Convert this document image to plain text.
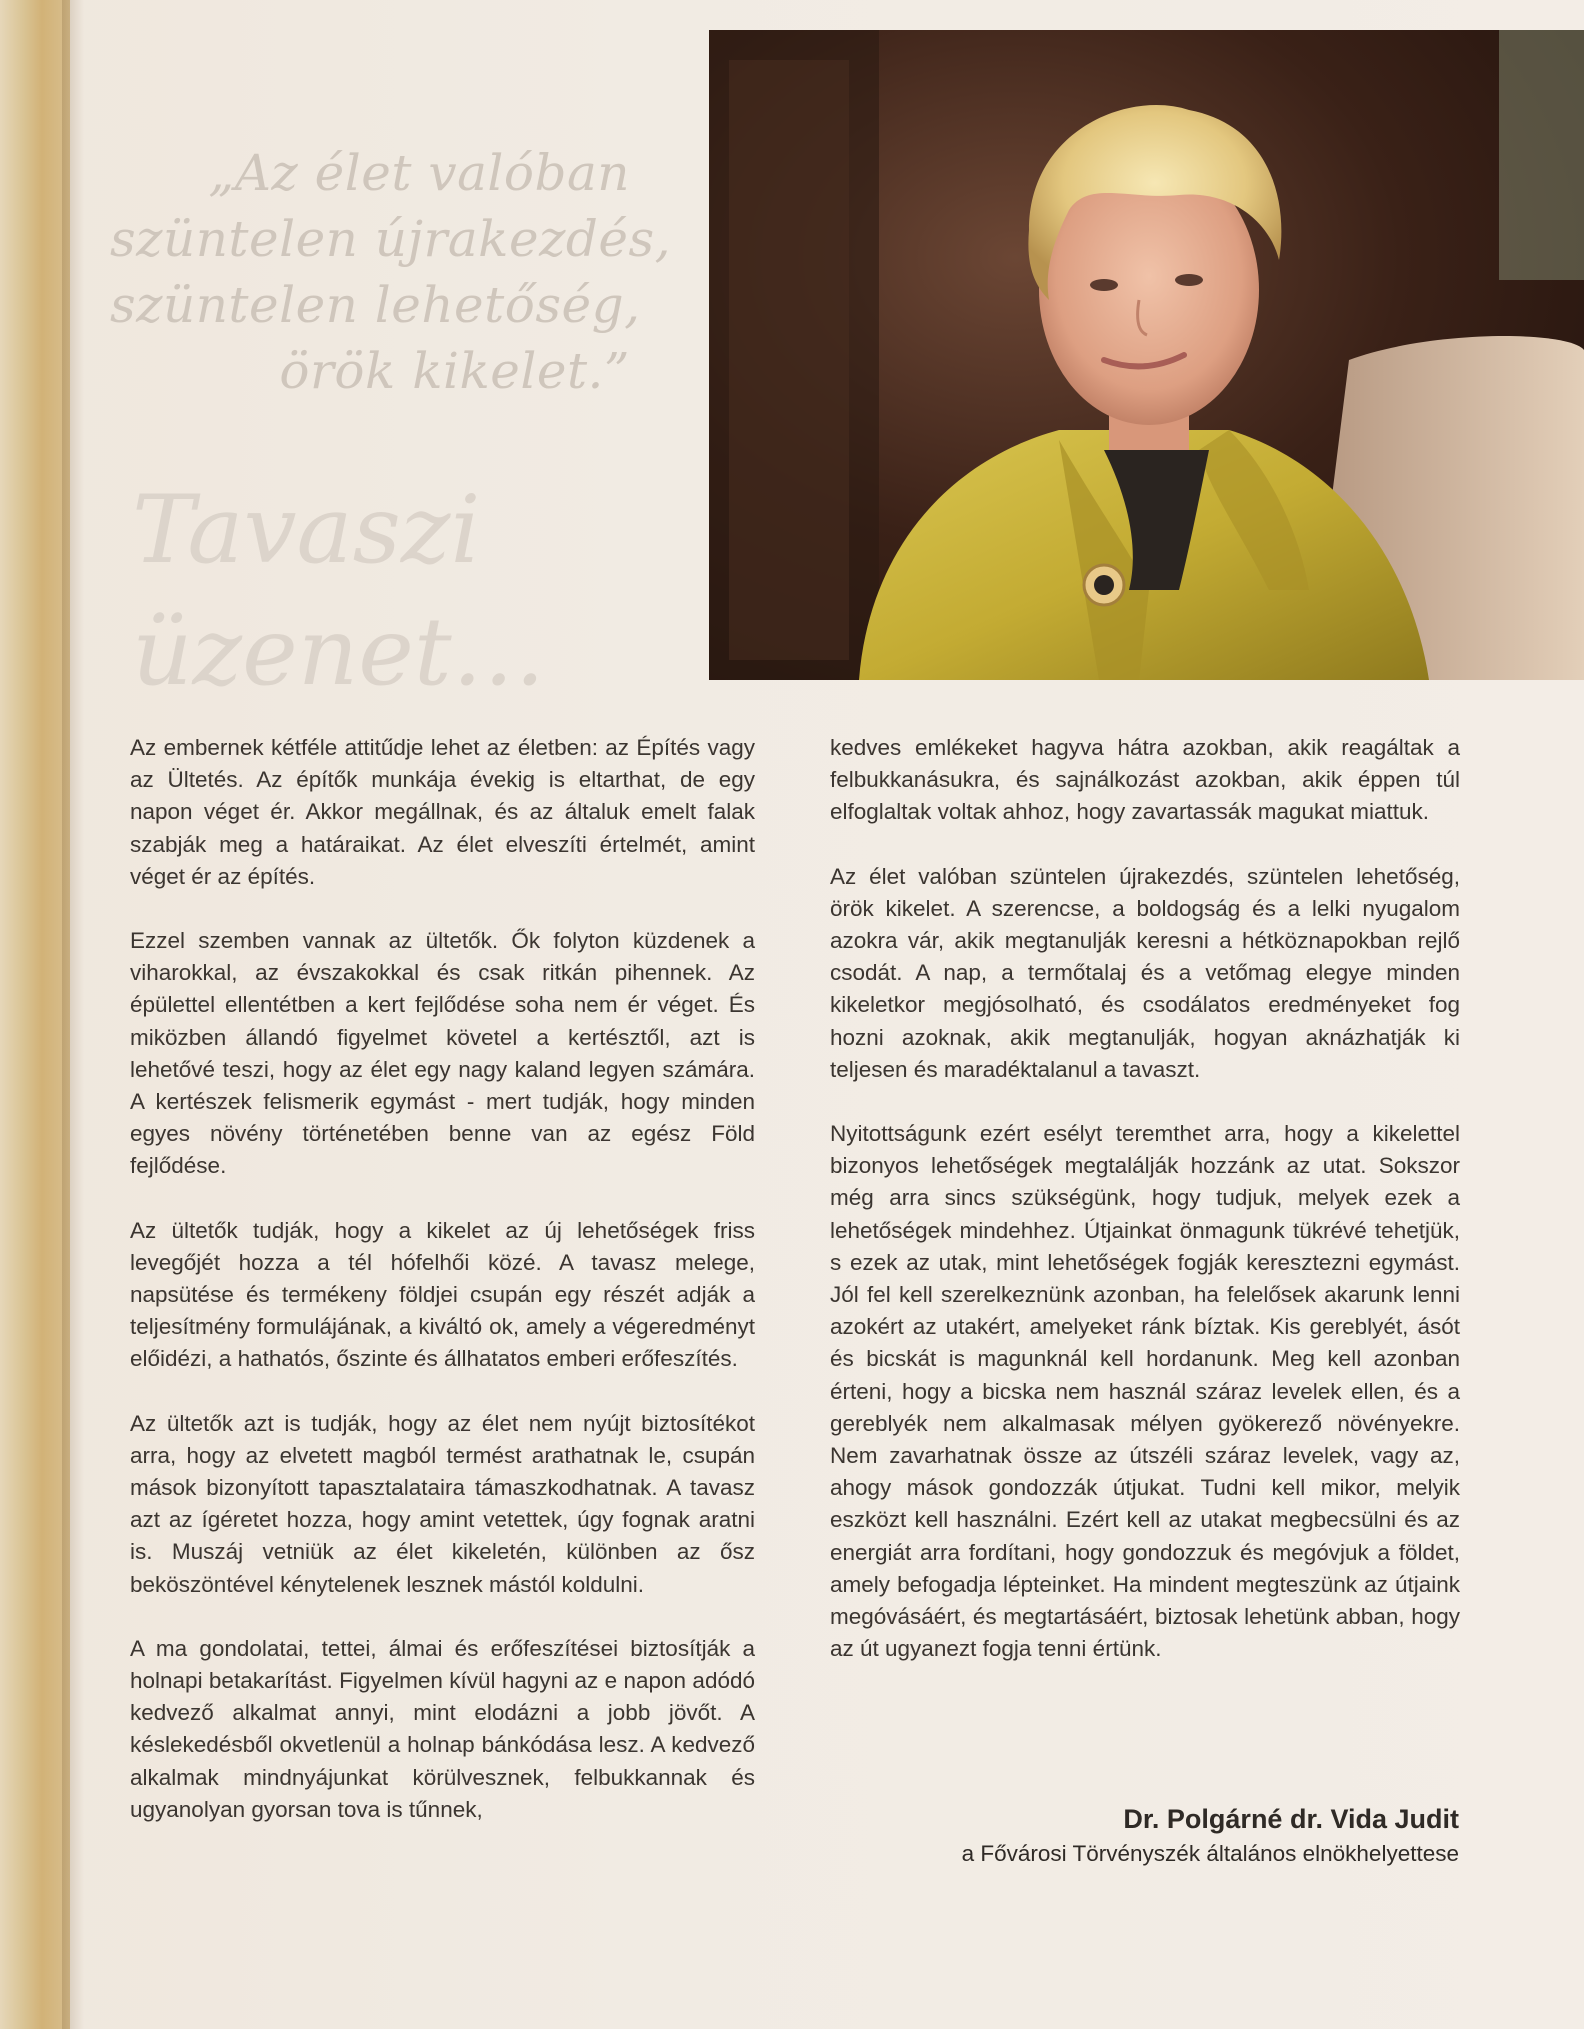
„Az élet valóban
szüntelen újrakezdés,
szüntelen lehetőség,
örök kikelet.”
Tavaszi
üzenet…

Az embernek kétféle attitűdje lehet az életben: az Építés vagy az Ültetés. Az építők munkája évekig is eltarthat, de egy napon véget ér. Akkor megállnak, és az általuk emelt falak szabják meg a határaikat. Az élet elveszíti értelmét, amint véget ér az építés.

Ezzel szemben vannak az ültetők. Ők folyton küzdenek a viharokkal, az évszakokkal és csak ritkán pihennek. Az épülettel ellentétben a kert fejlődése soha nem ér véget. És miközben állandó figyelmet követel a kertésztől, azt is lehetővé teszi, hogy az élet egy nagy kaland legyen számára. A kertészek felismerik egymást - mert tudják, hogy minden egyes növény történetében benne van az egész Föld fejlődése.

Az ültetők tudják, hogy a kikelet az új lehetőségek friss levegőjét hozza a tél hófelhői közé. A tavasz melege, napsütése és termékeny földjei csupán egy részét adják a teljesítmény formulájának, a kiváltó ok, amely a végeredményt előidézi, a hathatós, őszinte és állhatatos emberi erőfeszítés.

Az ültetők azt is tudják, hogy az élet nem nyújt biztosítékot arra, hogy az elvetett magból termést arathatnak le, csupán mások bizonyított tapasztalataira támaszkodhatnak. A tavasz azt az ígéretet hozza, hogy amint vetettek, úgy fognak aratni is. Muszáj vetniük az élet kikeletén, különben az ősz beköszöntével kénytelenek lesznek mástól koldulni.

A ma gondolatai, tettei, álmai és erőfeszítései biztosítják a holnapi betakarítást. Figyelmen kívül hagyni az e napon adódó kedvező alkalmat annyi, mint elodázni a jobb jövőt. A késlekedésből okvetlenül a holnap bánkódása lesz. A kedvező alkalmak mindnyájunkat körülvesznek, felbukkannak és ugyanolyan gyorsan tova is tűnnek,

kedves emlékeket hagyva hátra azokban, akik reagáltak a felbukkanásukra, és sajnálkozást azokban, akik éppen túl elfoglaltak voltak ahhoz, hogy zavartassák magukat miattuk.

Az élet valóban szüntelen újrakezdés, szüntelen lehetőség, örök kikelet. A szerencse, a boldogság és a lelki nyugalom azokra vár, akik megtanulják keresni a hétköznapokban rejlő csodát. A nap, a termőtalaj és a vetőmag elegye minden kikeletkor megjósolható, és csodálatos eredményeket fog hozni azoknak, akik megtanulják, hogyan aknázhatják ki teljesen és maradéktalanul a tavaszt.

Nyitottságunk ezért esélyt teremthet arra, hogy a kikelettel bizonyos lehetőségek megtalálják hozzánk az utat. Sokszor még arra sincs szükségünk, hogy tudjuk, melyek ezek a lehetőségek mindehhez. Útjainkat önmagunk tükrévé tehetjük, s ezek az utak, mint lehetőségek fogják keresztezni egymást. Jól fel kell szerelkeznünk azonban, ha felelősek akarunk lenni azokért az utakért, amelyeket ránk bíztak. Kis gereblyét, ásót és bicskát is magunknál kell hordanunk. Meg kell azonban érteni, hogy a bicska nem használ száraz levelek ellen, és a gereblyék nem alkalmasak mélyen gyökerező növényekre. Nem zavarhatnak össze az útszéli száraz levelek, vagy az, ahogy mások gondozzák útjukat. Tudni kell mikor, melyik eszközt kell használni. Ezért kell az utakat megbecsülni és az energiát arra fordítani, hogy gondozzuk és megóvjuk a földet, amely befogadja lépteinket. Ha mindent megteszünk az útjaink megóvásáért, és megtartásáért, biztosak lehetünk abban, hogy az út ugyanezt fogja tenni értünk.

Dr. Polgárné dr. Vida Judit
a Fővárosi Törvényszék általános elnökhelyettese
